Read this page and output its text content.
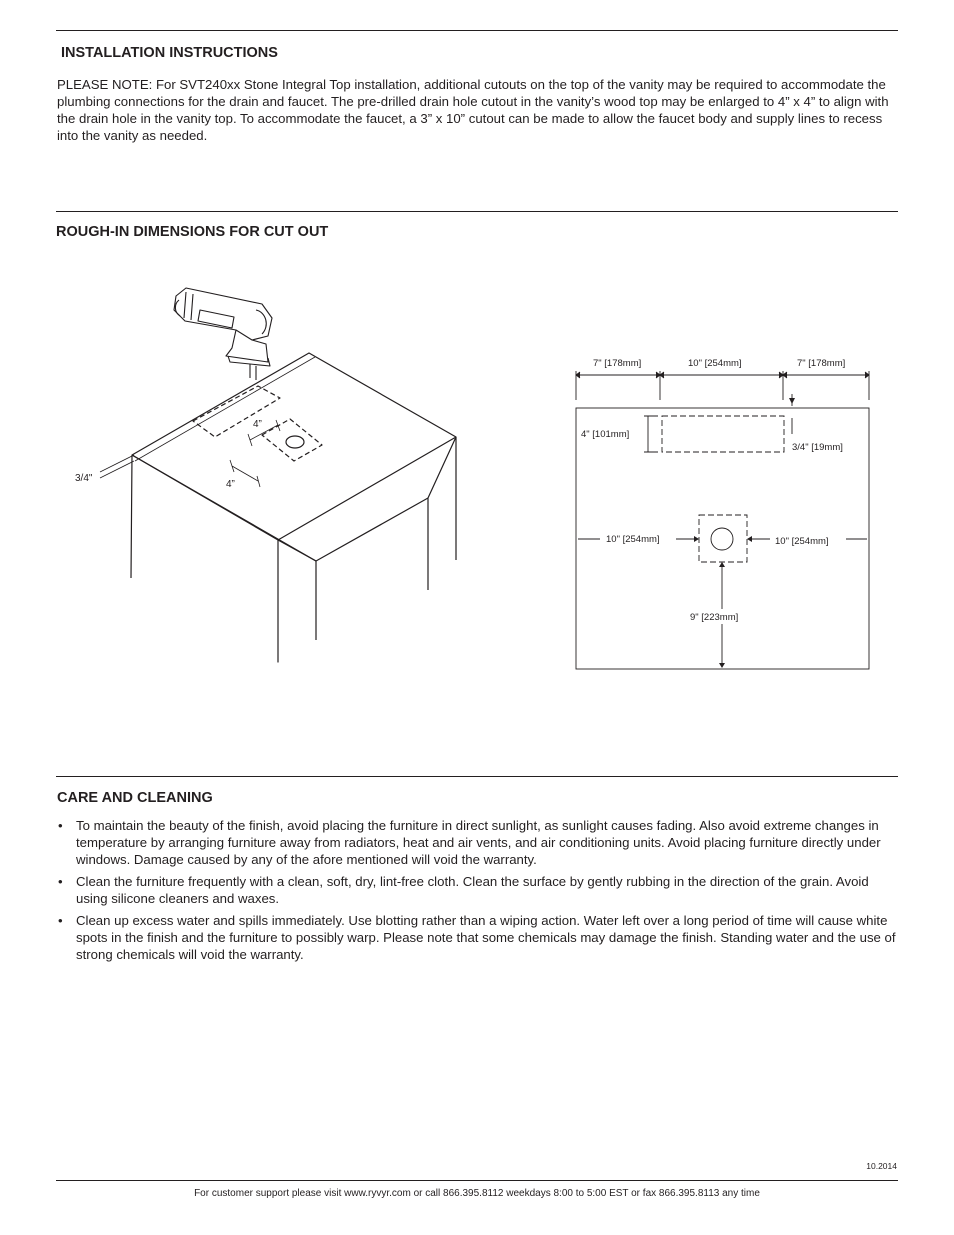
INSTALLATION INSTRUCTIONS

PLEASE NOTE: For SVT240xx Stone Integral Top installation, additional cutouts on the top of the vanity may be required to accommodate the plumbing connections for the drain and faucet. The pre-drilled drain hole cutout in the vanity’s wood top may be enlarged to 4” x 4” to align with the drain hole in the vanity top. To accommodate the faucet, a 3” x 10” cutout can be made to allow the faucet body and supply lines to recess into the vanity as needed.

ROUGH-IN DIMENSIONS FOR CUT OUT
4”
4”
3/4"
7" [178mm]	10" [254mm]	7" [178mm]
4" [101mm]
3/4" [19mm]
10" [254mm]	10" [254mm]
9" [223mm]
CARE AND CLEANING
• To maintain the beauty of the finish, avoid placing the furniture in direct sunlight, as sunlight causes fading. Also avoid extreme changes in temperature by arranging furniture away from radiators, heat and air vents, and air conditioning units. Avoid placing furniture directly under windows. Damage caused by any of the afore mentioned will void the warranty.
• Clean the furniture frequently with a clean, soft, dry, lint-free cloth. Clean the surface by gently rubbing in the direction of the grain. Avoid using silicone cleaners and waxes.
• Clean up excess water and spills immediately. Use blotting rather than a wiping action. Water left over a long period of time will cause white spots in the finish and the furniture to possibly warp. Please note that some chemicals may damage the finish. Standing water and the use of strong chemicals will void the warranty.
10.2014
For customer support please visit www.ryvyr.com or call 866.395.8112 weekdays 8:00 to 5:00 EST or fax 866.395.8113 any time
